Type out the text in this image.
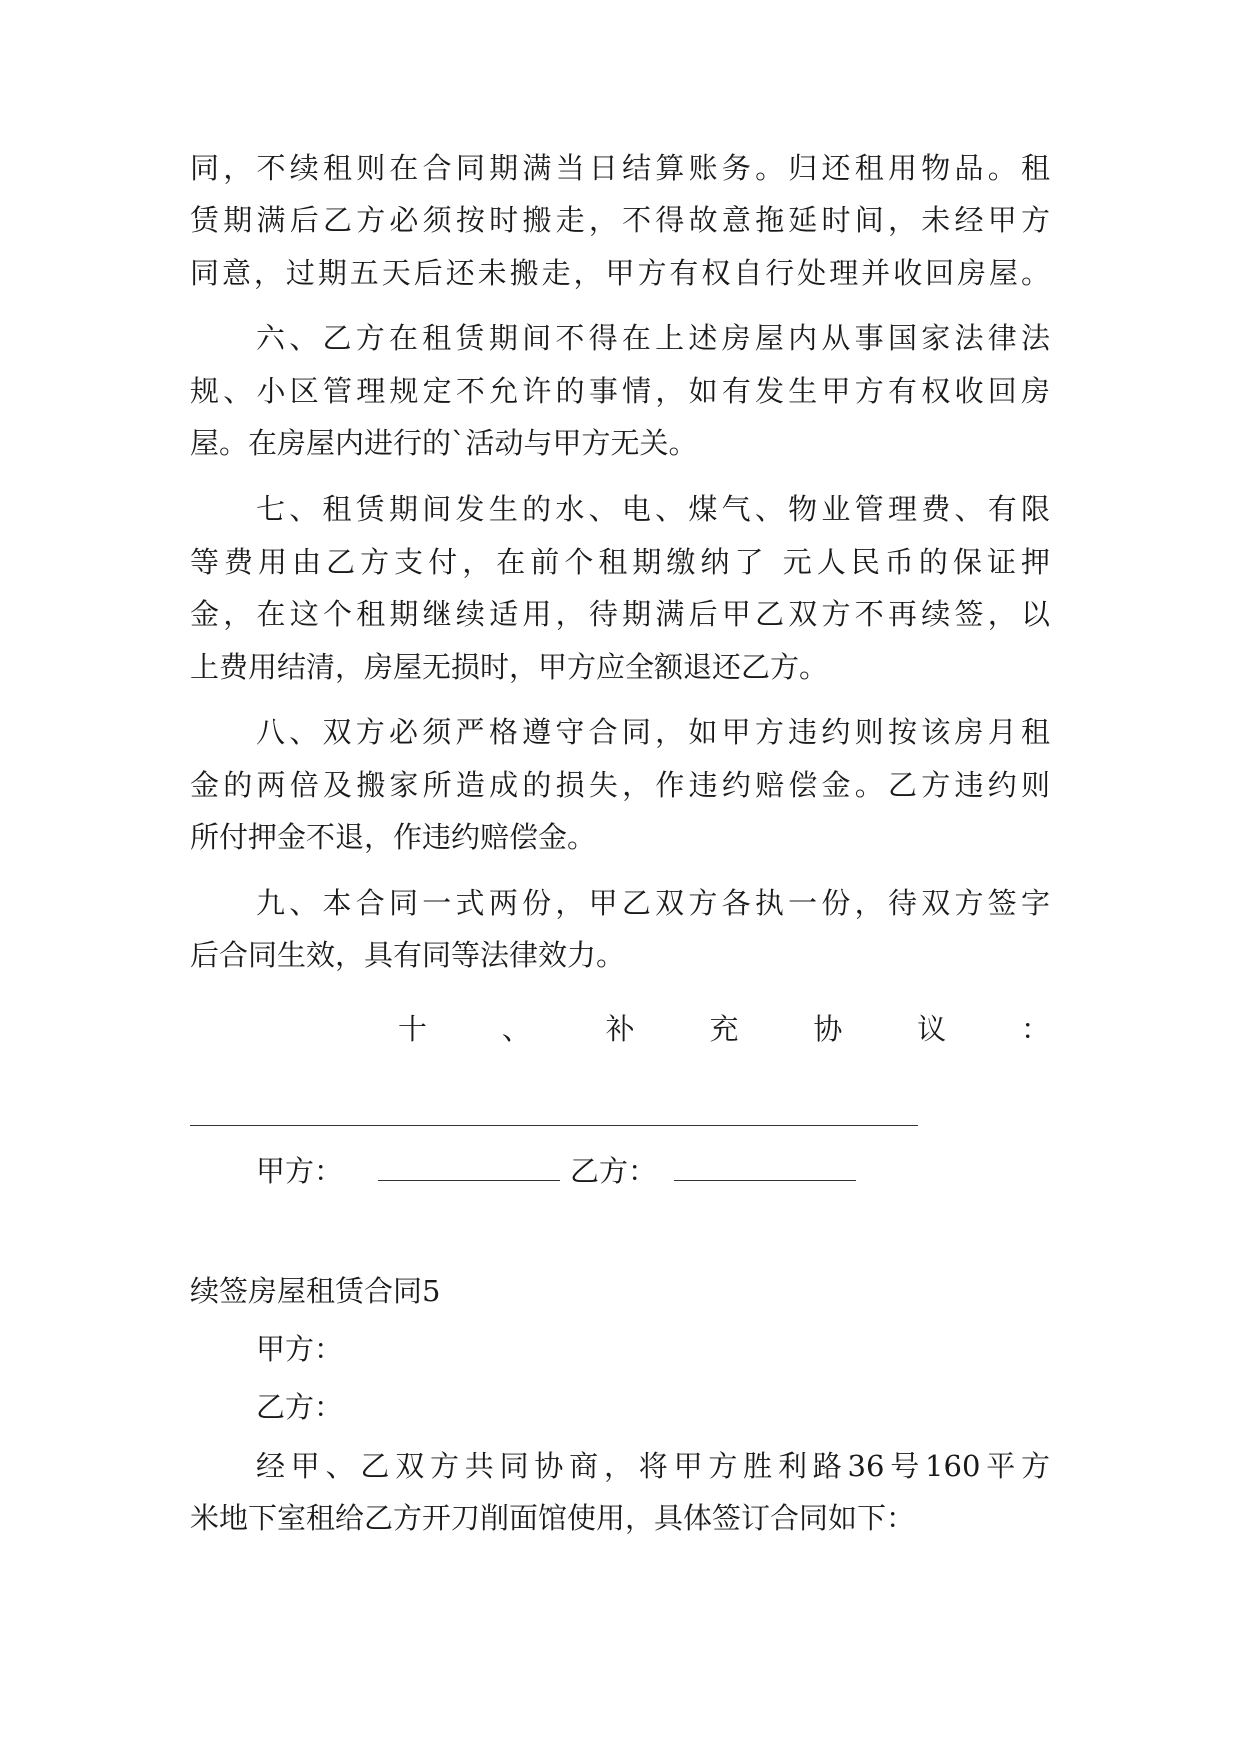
同，不续租则在合同期满当日结算账务。归还租用物品。租
赁期满后乙方必须按时搬走，不得故意拖延时间，未经甲方
同意，过期五天后还未搬走，甲方有权自行处理并收回房屋。
六、乙方在租赁期间不得在上述房屋内从事国家法律法
规、小区管理规定不允许的事情，如有发生甲方有权收回房
屋。在房屋内进行的`活动与甲方无关。
七、租赁期间发生的水、电、煤气、物业管理费、有限
等费用由乙方支付，在前个租期缴纳了 元人民币的保证押
金，在这个租期继续适用，待期满后甲乙双方不再续签，以
上费用结清，房屋无损时，甲方应全额退还乙方。
八、双方必须严格遵守合同，如甲方违约则按该房月租
金的两倍及搬家所造成的损失，作违约赔偿金。乙方违约则
所付押金不退，作违约赔偿金。
九、本合同一式两份，甲乙双方各执一份，待双方签字
后合同生效，具有同等法律效力。
十、补充协议：
甲方：	乙方：
续签房屋租赁合同5
甲方：
乙方：
经甲、乙双方共同协商，将甲方胜利路36号160平方
米地下室租给乙方开刀削面馆使用，具体签订合同如下：
